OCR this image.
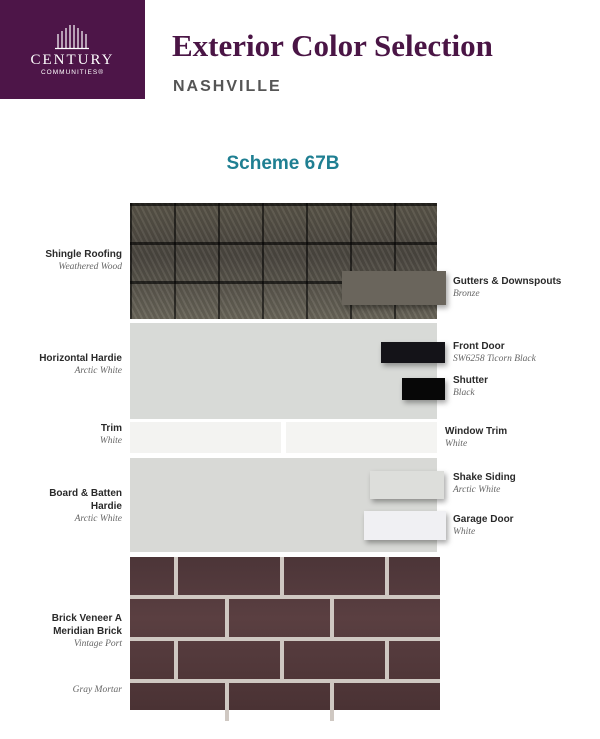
CENTURY
COMMUNITIES®
Exterior Color Selection
NASHVILLE
Scheme 67B
Shingle Roofing
Weathered Wood
Horizontal Hardie
Arctic White
Trim
White
Board & Batten
Hardie
Arctic White
Brick Veneer A
Meridian Brick
Vintage Port
Gray Mortar
Gutters & Downspouts
Bronze
Front Door
SW6258 Ticorn Black
Shutter
Black
Window Trim
White
Shake Siding
Arctic White
Garage Door
White
